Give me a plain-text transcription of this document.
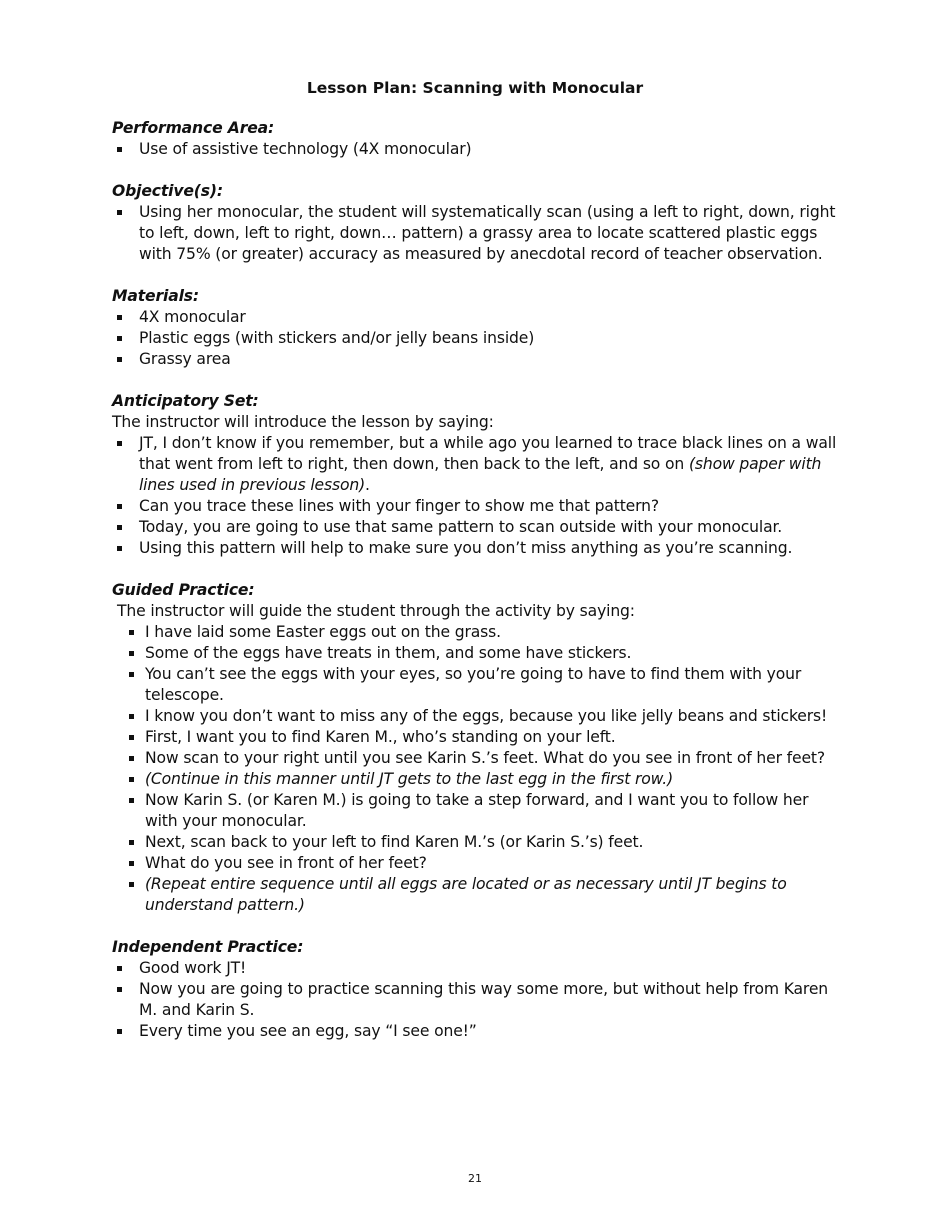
Lesson Plan: Scanning with Monocular

Performance Area:

Use of assistive technology (4X monocular)

Objective(s):

Using her monocular, the student will systematically scan (using a left to right, down, right to left, down, left to right, down… pattern) a grassy area to locate scattered plastic eggs with 75% (or greater) accuracy as measured by anecdotal record of teacher observation.

Materials:

4X monocular
Plastic eggs (with stickers and/or jelly beans inside)
Grassy area

Anticipatory Set:

The instructor will introduce the lesson by saying:

JT, I don’t know if you remember, but a while ago you learned to trace black lines on a wall that went from left to right, then down, then back to the left, and so on (show paper with lines used in previous lesson).
Can you trace these lines with your finger to show me that pattern?
Today, you are going to use that same pattern to scan outside with your monocular.
Using this pattern will help to make sure you don’t miss anything as you’re scanning.

Guided Practice:

The instructor will guide the student through the activity by saying:

I have laid some Easter eggs out on the grass.
Some of the eggs have treats in them, and some have stickers.
You can’t see the eggs with your eyes, so you’re going to have to find them with your telescope.
I know you don’t want to miss any of the eggs, because you like jelly beans and stickers!
First, I want you to find Karen M., who’s standing on your left.
Now scan to your right until you see Karin S.’s feet. What do you see in front of her feet?
(Continue in this manner until JT gets to the last egg in the first row.)
Now Karin S. (or Karen M.) is going to take a step forward, and I want you to follow her with your monocular.
Next, scan back to your left to find Karen M.’s (or Karin S.’s) feet.
What do you see in front of her feet?
(Repeat entire sequence until all eggs are located or as necessary until JT begins to understand pattern.)

Independent Practice:

Good work JT!
Now you are going to practice scanning this way some more, but without help from Karen M. and Karin S.
Every time you see an egg, say “I see one!”
21
